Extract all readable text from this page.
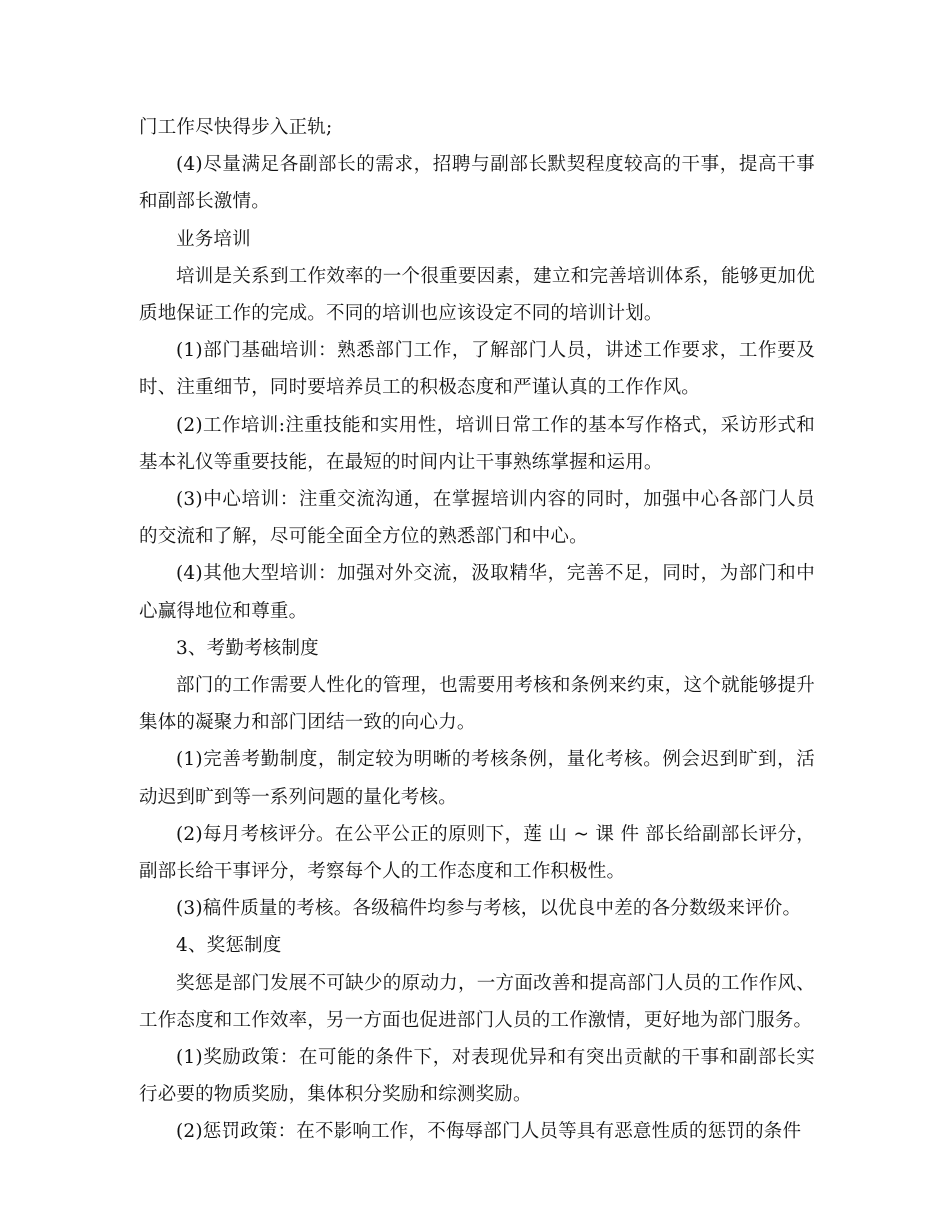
门工作尽快得步入正轨;

(4)尽量满足各副部长的需求，招聘与副部长默契程度较高的干事，提高干事和副部长激情。

业务培训

培训是关系到工作效率的一个很重要因素，建立和完善培训体系，能够更加优质地保证工作的完成。不同的培训也应该设定不同的培训计划。

(1)部门基础培训：熟悉部门工作，了解部门人员，讲述工作要求，工作要及时、注重细节，同时要培养员工的积极态度和严谨认真的工作作风。

(2)工作培训:注重技能和实用性，培训日常工作的基本写作格式，采访形式和基本礼仪等重要技能，在最短的时间内让干事熟练掌握和运用。

(3)中心培训：注重交流沟通，在掌握培训内容的同时，加强中心各部门人员的交流和了解，尽可能全面全方位的熟悉部门和中心。

(4)其他大型培训：加强对外交流，汲取精华，完善不足，同时，为部门和中心赢得地位和尊重。

3、考勤考核制度

部门的工作需要人性化的管理，也需要用考核和条例来约束，这个就能够提升集体的凝聚力和部门团结一致的向心力。

(1)完善考勤制度，制定较为明晰的考核条例，量化考核。例会迟到旷到，活动迟到旷到等一系列问题的量化考核。

(2)每月考核评分。在公平公正的原则下，莲 山 ~ 课 件 部长给副部长评分，副部长给干事评分，考察每个人的工作态度和工作积极性。

(3)稿件质量的考核。各级稿件均参与考核，以优良中差的各分数级来评价。

4、奖惩制度

奖惩是部门发展不可缺少的原动力，一方面改善和提高部门人员的工作作风、工作态度和工作效率，另一方面也促进部门人员的工作激情，更好地为部门服务。

(1)奖励政策：在可能的条件下，对表现优异和有突出贡献的干事和副部长实行必要的物质奖励，集体积分奖励和综测奖励。

(2)惩罚政策：在不影响工作，不侮辱部门人员等具有恶意性质的惩罚的条件
